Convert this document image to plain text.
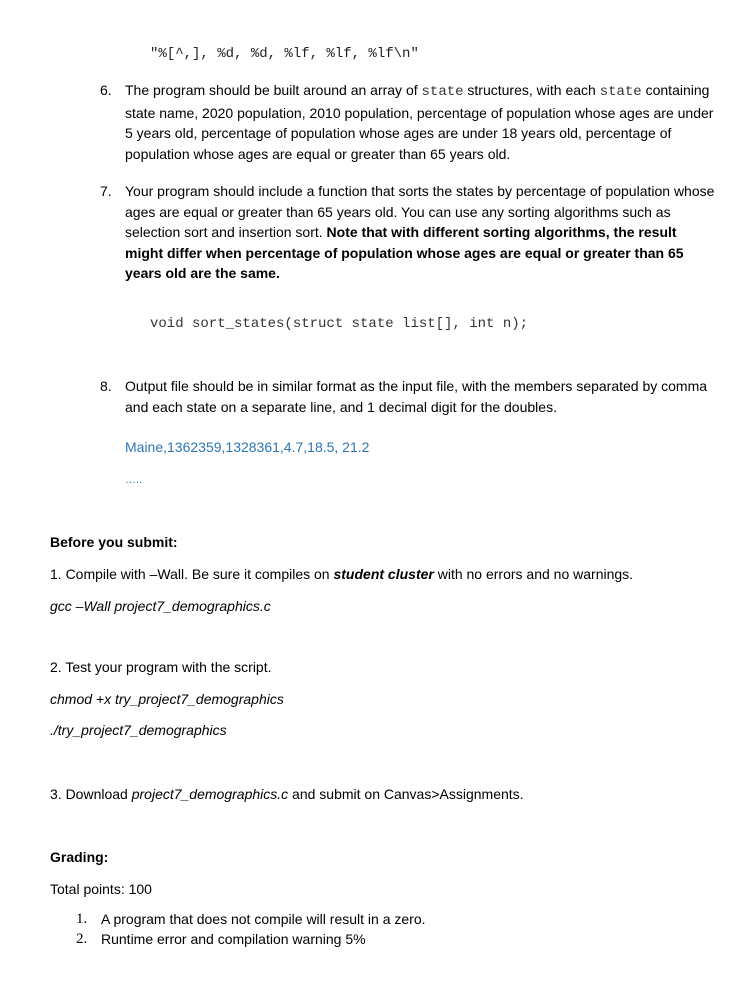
"%[^,], %d, %d, %lf, %lf, %lf\n"
6. The program should be built around an array of state structures, with each state containing state name, 2020 population, 2010 population, percentage of population whose ages are under 5 years old, percentage of population whose ages are under 18 years old, percentage of population whose ages are equal or greater than 65 years old.
7. Your program should include a function that sorts the states by percentage of population whose ages are equal or greater than 65 years old. You can use any sorting algorithms such as selection sort and insertion sort. Note that with different sorting algorithms, the result might differ when percentage of population whose ages are equal or greater than 65 years old are the same.
void sort_states(struct state list[], int n);
8. Output file should be in similar format as the input file, with the members separated by comma and each state on a separate line, and 1 decimal digit for the doubles.
Maine,1362359,1328361,4.7,18.5, 21.2
…..
Before you submit:
1. Compile with –Wall. Be sure it compiles on student cluster with no errors and no warnings.
gcc –Wall project7_demographics.c
2. Test your program with the script.
chmod +x try_project7_demographics
./try_project7_demographics
3. Download project7_demographics.c and submit on Canvas>Assignments.
Grading:
Total points: 100
1. A program that does not compile will result in a zero.
2. Runtime error and compilation warning 5%
